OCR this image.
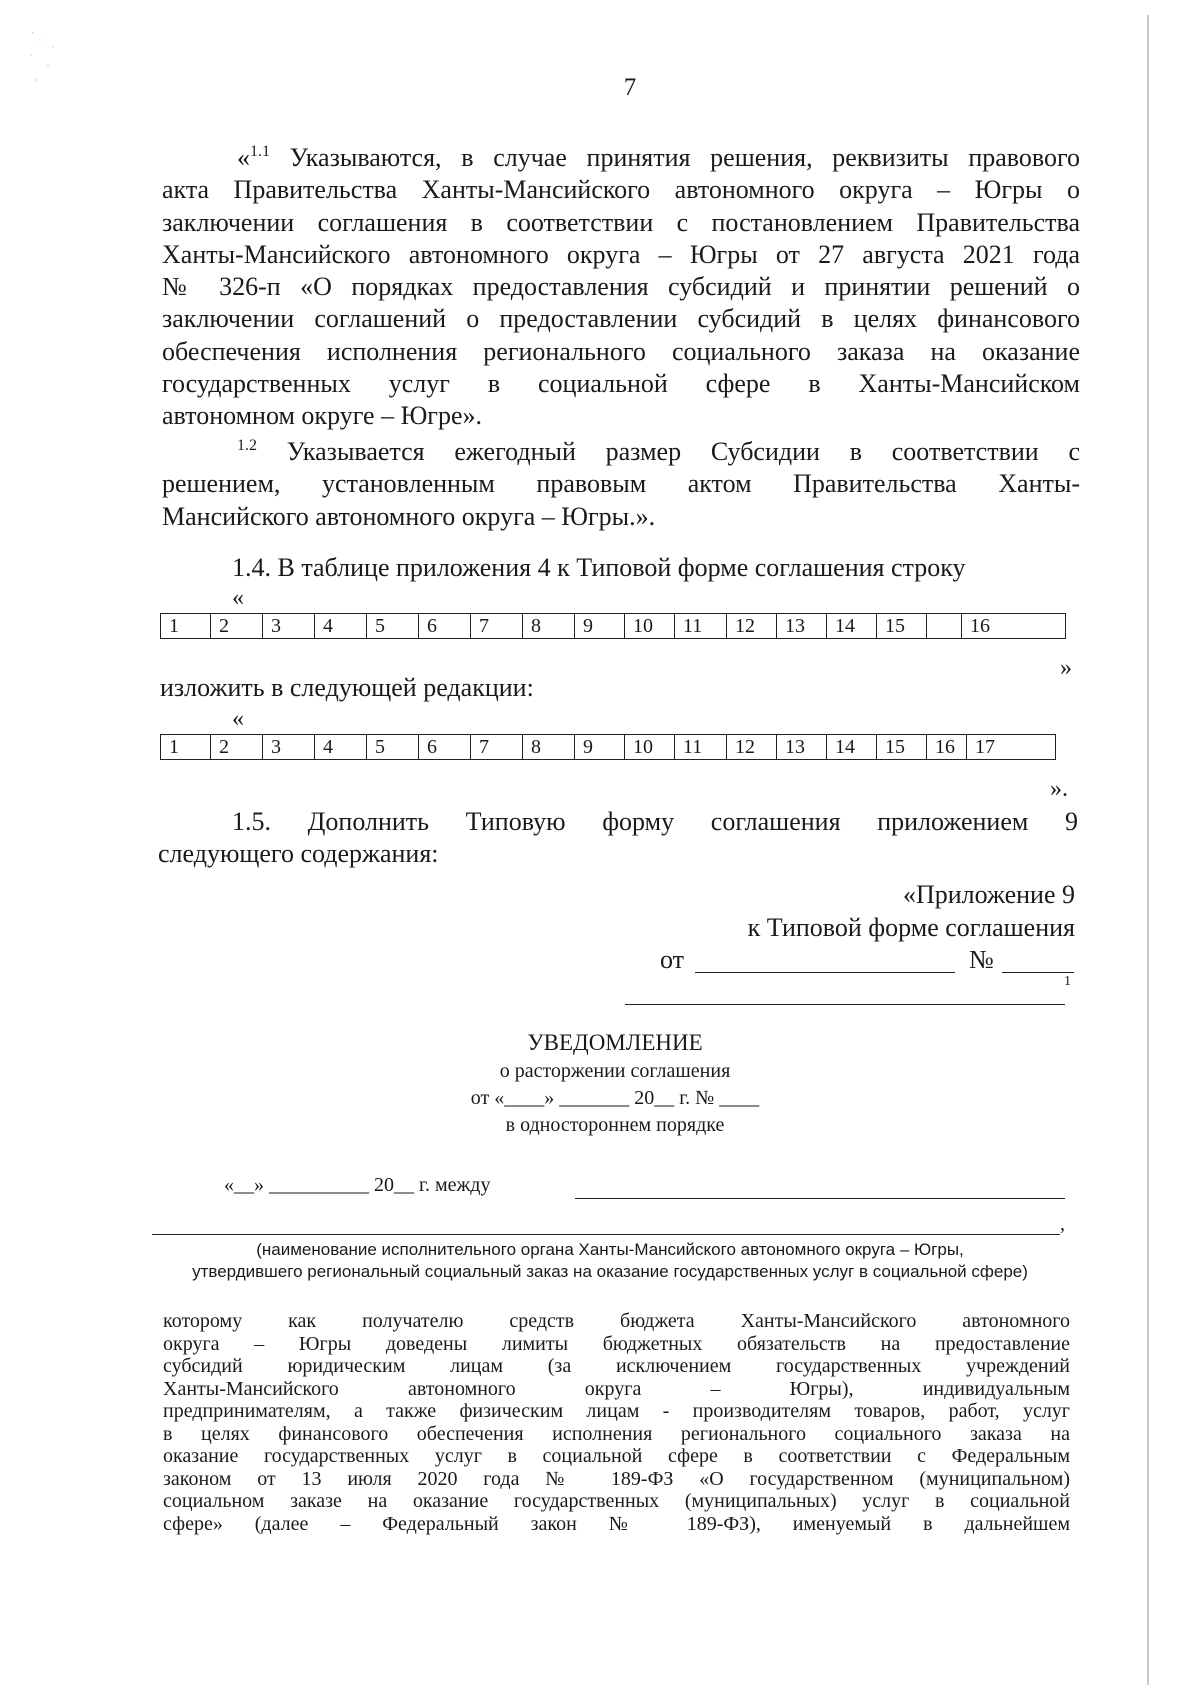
7
«$^{1.1}$ Указываются, в случае принятия решения, реквизиты правового
акта Правительства Ханты-Мансийского автономного округа – Югры о
заключении соглашения в соответствии с постановлением Правительства
Ханты-Мансийского автономного округа – Югры от 27 августа 2021 года
№ 326-п «О порядках предоставления субсидий и принятии решений о
заключении соглашений о предоставлении субсидий в целях финансового
обеспечения исполнения регионального социального заказа на оказание
государственных услуг в социальной сфере в Ханты-Мансийском
автономном округе – Югре».
$^{1.2}$ Указывается ежегодный размер Субсидии в соответствии с
решением, установленным правовым актом Правительства Ханты-
Мансийского автономного округа – Югры.».
1.4. В таблице приложения 4 к Типовой форме соглашения строку
«
1	2	3	4	5	6	7	8	9	10	11	12	13	14	15	16
»
изложить в следующей редакции:
«
1	2	3	4	5	6	7	8	9	10	11	12	13	14	15	16	17
».
1.5. Дополнить Типовую форму соглашения приложением 9
следующего содержания:
«Приложение 9
к Типовой форме соглашения
от	№
1
УВЕДОМЛЕНИЕ
о расторжении соглашения
от «____» _______ 20__ г. № ____
в одностороннем порядке
«__» __________ 20__ г. между
,
(наименование исполнительного органа Ханты-Мансийского автономного округа – Югры,
утвердившего региональный социальный заказ на оказание государственных услуг в социальной сфере)
которому как получателю средств бюджета Ханты-Мансийского автономного
округа – Югры доведены лимиты бюджетных обязательств на предоставление
субсидий юридическим лицам (за исключением государственных учреждений
Ханты-Мансийского автономного округа – Югры), индивидуальным
предпринимателям, а также физическим лицам - производителям товаров, работ, услуг
в целях финансового обеспечения исполнения регионального социального заказа на
оказание государственных услуг в социальной сфере в соответствии с Федеральным
законом от 13 июля 2020 года № 189-ФЗ «О государственном (муниципальном)
социальном заказе на оказание государственных (муниципальных) услуг в социальной
сфере» (далее – Федеральный закон № 189-ФЗ), именуемый в дальнейшем
